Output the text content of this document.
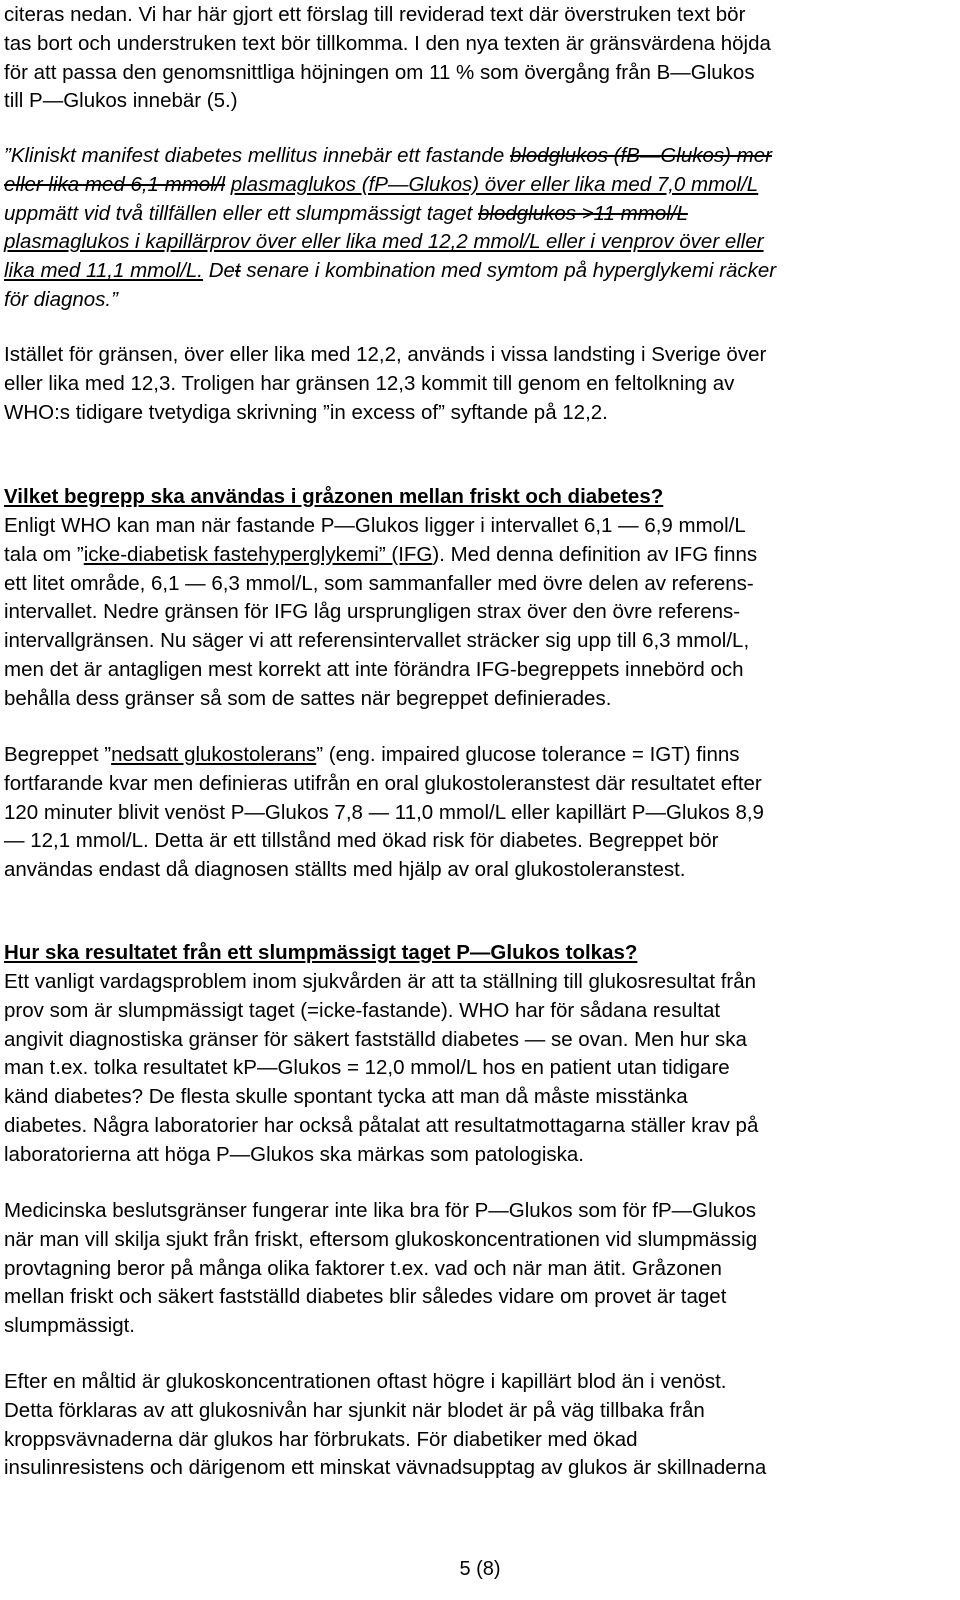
citeras nedan. Vi har här gjort ett förslag till reviderad text där överstruken text bör
tas bort och understruken text bör tillkomma. I den nya texten är gränsvärdena höjda
för att passa den genomsnittliga höjningen om 11 % som övergång från B—Glukos
till P—Glukos innebär (5.)
”Kliniskt manifest diabetes mellitus innebär ett fastande blodglukos (fB—Glukos) mer
eller lika med 6,1 mmol/l plasmaglukos (fP—Glukos) över eller lika med 7,0 mmol/L
uppmätt vid två tillfällen eller ett slumpmässigt taget blodglukos >11 mmol/L
plasmaglukos i kapillärprov över eller lika med 12,2 mmol/L eller i venprov över eller
lika med 11,1 mmol/L. Det senare i kombination med symtom på hyperglykemi räcker
för diagnos.”
Istället för gränsen, över eller lika med 12,2, används i vissa landsting i Sverige över
eller lika med 12,3. Troligen har gränsen 12,3 kommit till genom en feltolkning av
WHO:s tidigare tvetydiga skrivning ”in excess of” syftande på 12,2.
Vilket begrepp ska användas i gråzonen mellan friskt och diabetes?
Enligt WHO kan man när fastande P—Glukos ligger i intervallet 6,1 — 6,9 mmol/L
tala om ”icke-diabetisk fastehyperglykemi” (IFG). Med denna definition av IFG finns
ett litet område, 6,1 — 6,3 mmol/L, som sammanfaller med övre delen av referens-
intervallet. Nedre gränsen för IFG låg ursprungligen strax över den övre referens-
intervallgränsen. Nu säger vi att referensintervallet sträcker sig upp till 6,3 mmol/L,
men det är antagligen mest korrekt att inte förändra IFG-begreppets innebörd och
behålla dess gränser så som de sattes när begreppet definierades.
Begreppet ”nedsatt glukostolerans” (eng. impaired glucose tolerance = IGT) finns
fortfarande kvar men definieras utifrån en oral glukostoleranstest där resultatet efter
120 minuter blivit venöst P—Glukos 7,8 — 11,0 mmol/L eller kapillärt P—Glukos 8,9
— 12,1 mmol/L. Detta är ett tillstånd med ökad risk för diabetes. Begreppet bör
användas endast då diagnosen ställts med hjälp av oral glukostoleranstest.
Hur ska resultatet från ett slumpmässigt taget P—Glukos tolkas?
Ett vanligt vardagsproblem inom sjukvården är att ta ställning till glukosresultat från
prov som är slumpmässigt taget (=icke-fastande). WHO har för sådana resultat
angivit diagnostiska gränser för säkert fastställd diabetes — se ovan. Men hur ska
man t.ex. tolka resultatet kP—Glukos = 12,0 mmol/L hos en patient utan tidigare
känd diabetes? De flesta skulle spontant tycka att man då måste misstänka
diabetes. Några laboratorier har också påtalat att resultatmottagarna ställer krav på
laboratorierna att höga P—Glukos ska märkas som patologiska.
Medicinska beslutsgränser fungerar inte lika bra för P—Glukos som för fP—Glukos
när man vill skilja sjukt från friskt, eftersom glukoskoncentrationen vid slumpmässig
provtagning beror på många olika faktorer t.ex. vad och när man ätit. Gråzonen
mellan friskt och säkert fastställd diabetes blir således vidare om provet är taget
slumpmässigt.
Efter en måltid är glukoskoncentrationen oftast högre i kapillärt blod än i venöst.
Detta förklaras av att glukosnivån har sjunkit när blodet är på väg tillbaka från
kroppsvävnaderna där glukos har förbrukats. För diabetiker med ökad
insulinresistens och därigenom ett minskat vävnadsupptag av glukos är skillnaderna
5 (8)
